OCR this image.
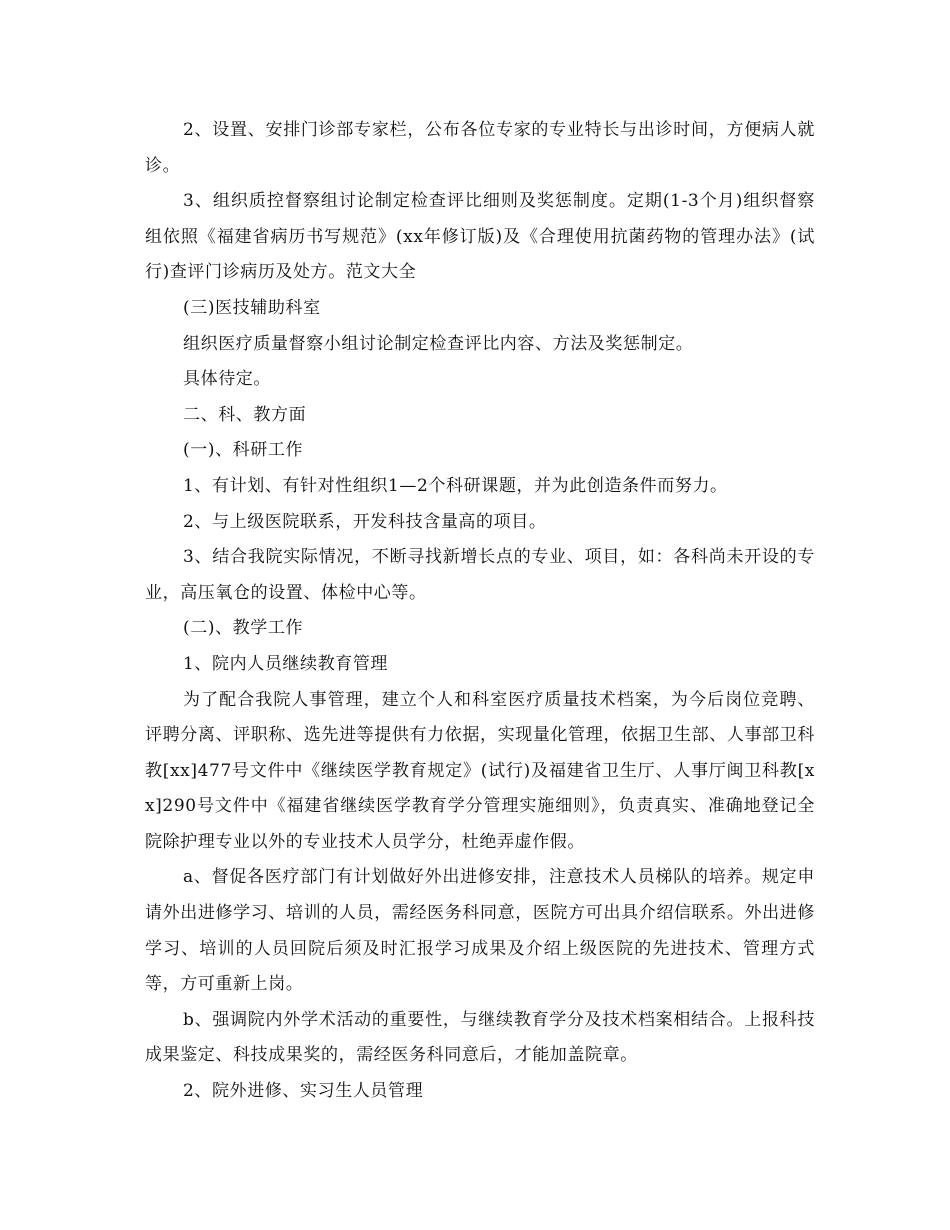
2、设置、安排门诊部专家栏，公布各位专家的专业特长与出诊时间，方便病人就诊。

3、组织质控督察组讨论制定检查评比细则及奖惩制度。定期(1-3个月)组织督察组依照《福建省病历书写规范》(xx年修订版)及《合理使用抗菌药物的管理办法》(试行)查评门诊病历及处方。范文大全

(三)医技辅助科室

组织医疗质量督察小组讨论制定检查评比内容、方法及奖惩制定。

具体待定。

二、科、教方面

(一)、科研工作

1、有计划、有针对性组织1—2个科研课题，并为此创造条件而努力。

2、与上级医院联系，开发科技含量高的项目。

3、结合我院实际情况，不断寻找新增长点的专业、项目，如：各科尚未开设的专业，高压氧仓的设置、体检中心等。

(二)、教学工作

1、院内人员继续教育管理

为了配合我院人事管理，建立个人和科室医疗质量技术档案，为今后岗位竞聘、评聘分离、评职称、选先进等提供有力依据，实现量化管理，依据卫生部、人事部卫科教[xx]477号文件中《继续医学教育规定》(试行)及福建省卫生厅、人事厅闽卫科教[xx]290号文件中《福建省继续医学教育学分管理实施细则》，负责真实、准确地登记全院除护理专业以外的专业技术人员学分，杜绝弄虚作假。

a、督促各医疗部门有计划做好外出进修安排，注意技术人员梯队的培养。规定申请外出进修学习、培训的人员，需经医务科同意，医院方可出具介绍信联系。外出进修学习、培训的人员回院后须及时汇报学习成果及介绍上级医院的先进技术、管理方式等，方可重新上岗。

b、强调院内外学术活动的重要性，与继续教育学分及技术档案相结合。上报科技成果鉴定、科技成果奖的，需经医务科同意后，才能加盖院章。

2、院外进修、实习生人员管理
